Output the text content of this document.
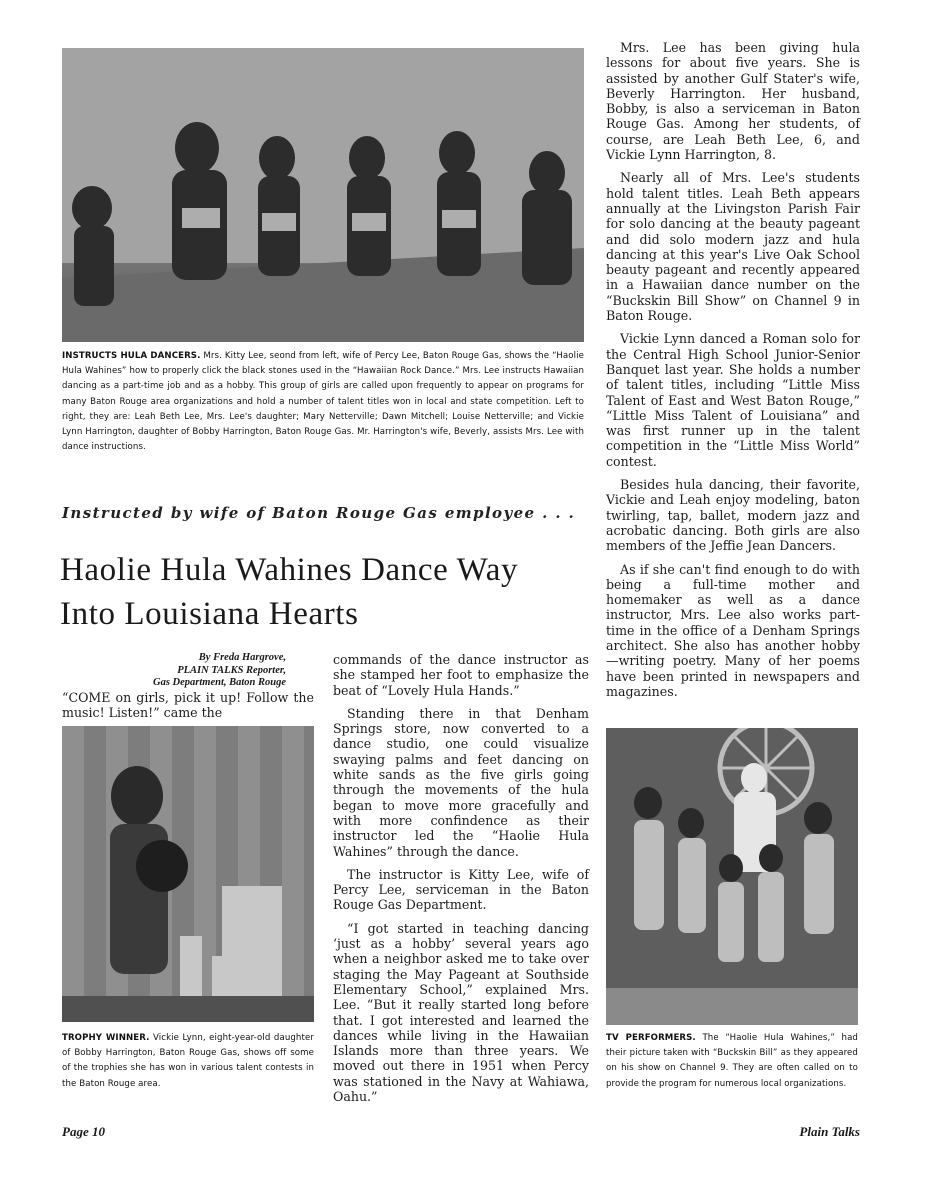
INSTRUCTS HULA DANCERS. Mrs. Kitty Lee, seond from left, wife of Percy Lee, Baton Rouge Gas, shows the “Haolie Hula Wahines” how to properly click the black stones used in the “Hawaiian Rock Dance.” Mrs. Lee instructs Hawaiian dancing as a part-time job and as a hobby. This group of girls are called upon frequently to appear on programs for many Baton Rouge area organizations and hold a number of talent titles won in local and state competition. Left to right, they are: Leah Beth Lee, Mrs. Lee's daughter; Mary Netterville; Dawn Mitchell; Louise Netterville; and Vickie Lynn Harrington, daughter of Bobby Harrington, Baton Rouge Gas. Mr. Harrington's wife, Beverly, assists Mrs. Lee with dance instructions.

Instructed by wife of Baton Rouge Gas employee . . .

Haolie Hula Wahines Dance Way Into Louisiana Hearts
By Freda Hargrove,
PLAIN TALKS Reporter,
Gas Department, Baton Rouge

“COME on girls, pick it up! Follow the music! Listen!” came the

TROPHY WINNER. Vickie Lynn, eight-year-old daughter of Bobby Harrington, Baton Rouge Gas, shows off some of the trophies she has won in various talent contests in the Baton Rouge area.

commands of the dance instructor as she stamped her foot to emphasize the beat of “Lovely Hula Hands.”

Standing there in that Denham Springs store, now converted to a dance studio, one could visualize swaying palms and feet dancing on white sands as the five girls going through the movements of the hula began to move more gracefully and with more confindence as their instructor led the “Haolie Hula Wahines” through the dance.

The instructor is Kitty Lee, wife of Percy Lee, serviceman in the Baton Rouge Gas Department.

“I got started in teaching dancing ‘just as a hobby’ several years ago when a neighbor asked me to take over staging the May Pageant at Southside Elementary School,” explained Mrs. Lee. “But it really started long before that. I got interested and learned the dances while living in the Hawaiian Islands more than three years. We moved out there in 1951 when Percy was stationed in the Navy at Wahiawa, Oahu.”

Mrs. Lee has been giving hula lessons for about five years. She is assisted by another Gulf Stater's wife, Beverly Harrington. Her husband, Bobby, is also a serviceman in Baton Rouge Gas. Among her students, of course, are Leah Beth Lee, 6, and Vickie Lynn Harrington, 8.

Nearly all of Mrs. Lee's students hold talent titles. Leah Beth appears annually at the Livingston Parish Fair for solo dancing at the beauty pageant and did solo modern jazz and hula dancing at this year's Live Oak School beauty pageant and recently appeared in a Hawaiian dance number on the “Buckskin Bill Show” on Channel 9 in Baton Rouge.

Vickie Lynn danced a Roman solo for the Central High School Junior-Senior Banquet last year. She holds a number of talent titles, including “Little Miss Talent of East and West Baton Rouge,” “Little Miss Talent of Louisiana” and was first runner up in the talent competition in the “Little Miss World” contest.

Besides hula dancing, their favorite, Vickie and Leah enjoy modeling, baton twirling, tap, ballet, modern jazz and acrobatic dancing. Both girls are also members of the Jeffie Jean Dancers.

As if she can't find enough to do with being a full-time mother and homemaker as well as a dance instructor, Mrs. Lee also works part-time in the office of a Denham Springs architect. She also has another hobby—writing poetry. Many of her poems have been printed in newspapers and magazines.

TV PERFORMERS. The “Haolie Hula Wahines,” had their picture taken with “Buckskin Bill” as they appeared on his show on Channel 9. They are often called on to provide the program for numerous local organizations.

Page 10	Plain Talks
